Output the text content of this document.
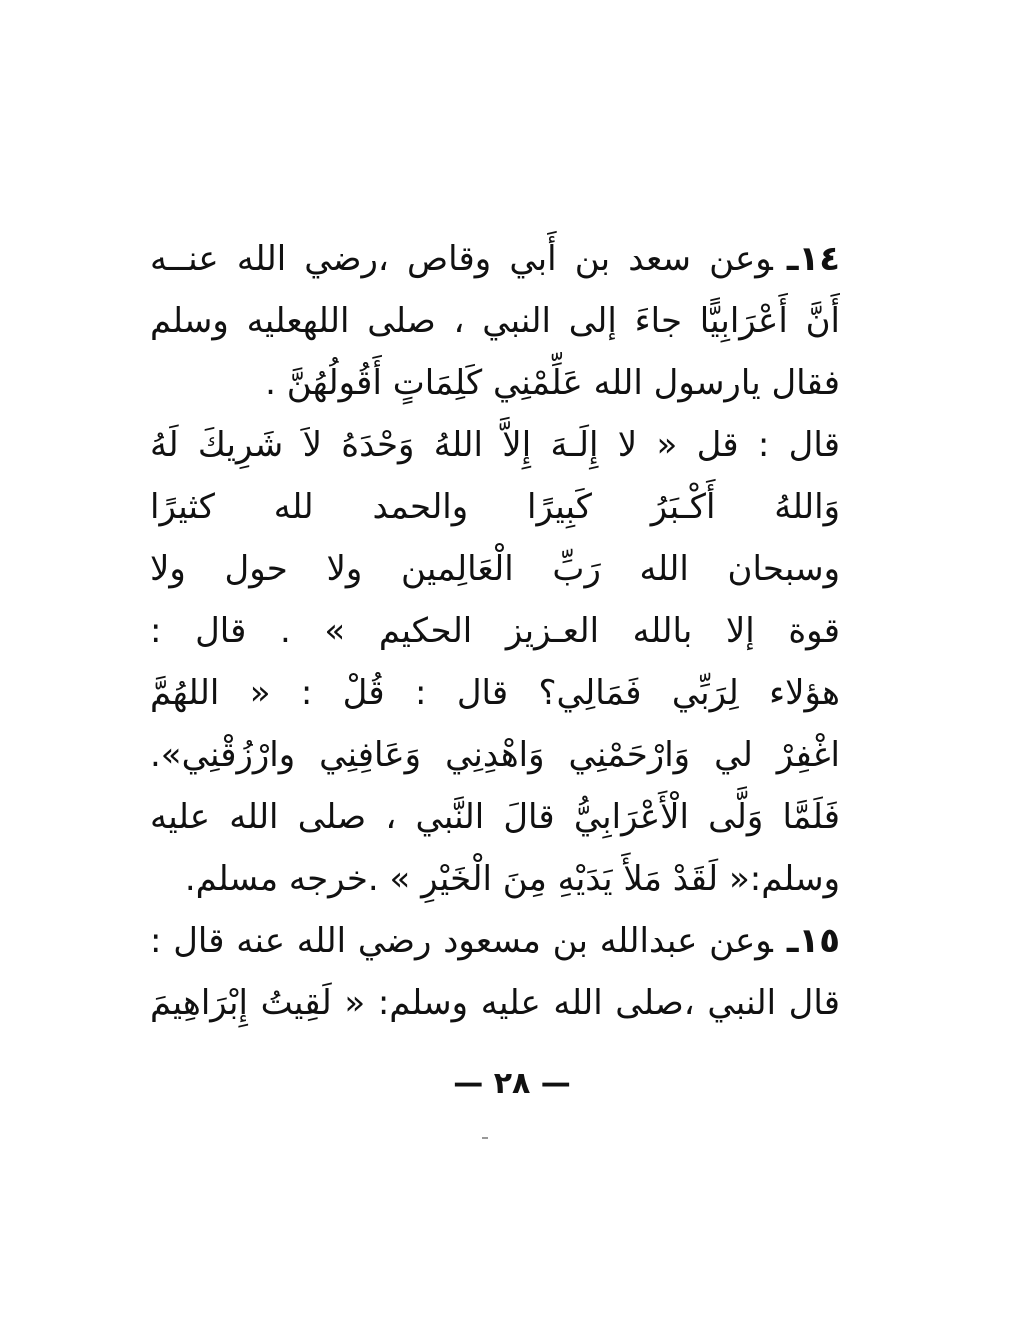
١٤ـوعن سعد بن أَبي وقاص ،رضي الله عنــه
أَنَّ أَعْرَابِيًّا جاءَ إلى النبي ، صلى اللهعليه وسلم
فقال يارسول الله عَلِّمْنِي كَلِمَاتٍ أَقُولُهُنَّ .
قال : قل « لا إِلَـهَ إِلاَّ اللهُ وَحْدَهُ لاَ شَرِيكَ لَهُ
وَاللهُ أَكْـبَرُ كَبِيرًا والحمد لله كثيرًا
وسبحان الله رَبِّ الْعَالِمين ولا حول ولا
قوة إلا بالله العـزيز الحكيم » . قال :
هؤلاء لِرَبِّي فَمَالِي؟ قال : قُلْ : « اللهُمَّ
اغْفِرْ لي وَارْحَمْنِي وَاهْدِنِي وَعَافِنِي وارْزُقْنِي».
فَلَمَّا وَلَّى الْأَعْرَابِيُّ قالَ النَّبي ، صلى الله عليه
وسلم:« لَقَدْ مَلأَ يَدَيْهِ مِنَ الْخَيْرِ » .خرجه مسلم.
١٥ـوعن عبدالله بن مسعود رضي الله عنه قال :
قال النبي ،صلى الله عليه وسلم: « لَقِيتُ إِبْرَاهِيمَ
— ٢٨ —
